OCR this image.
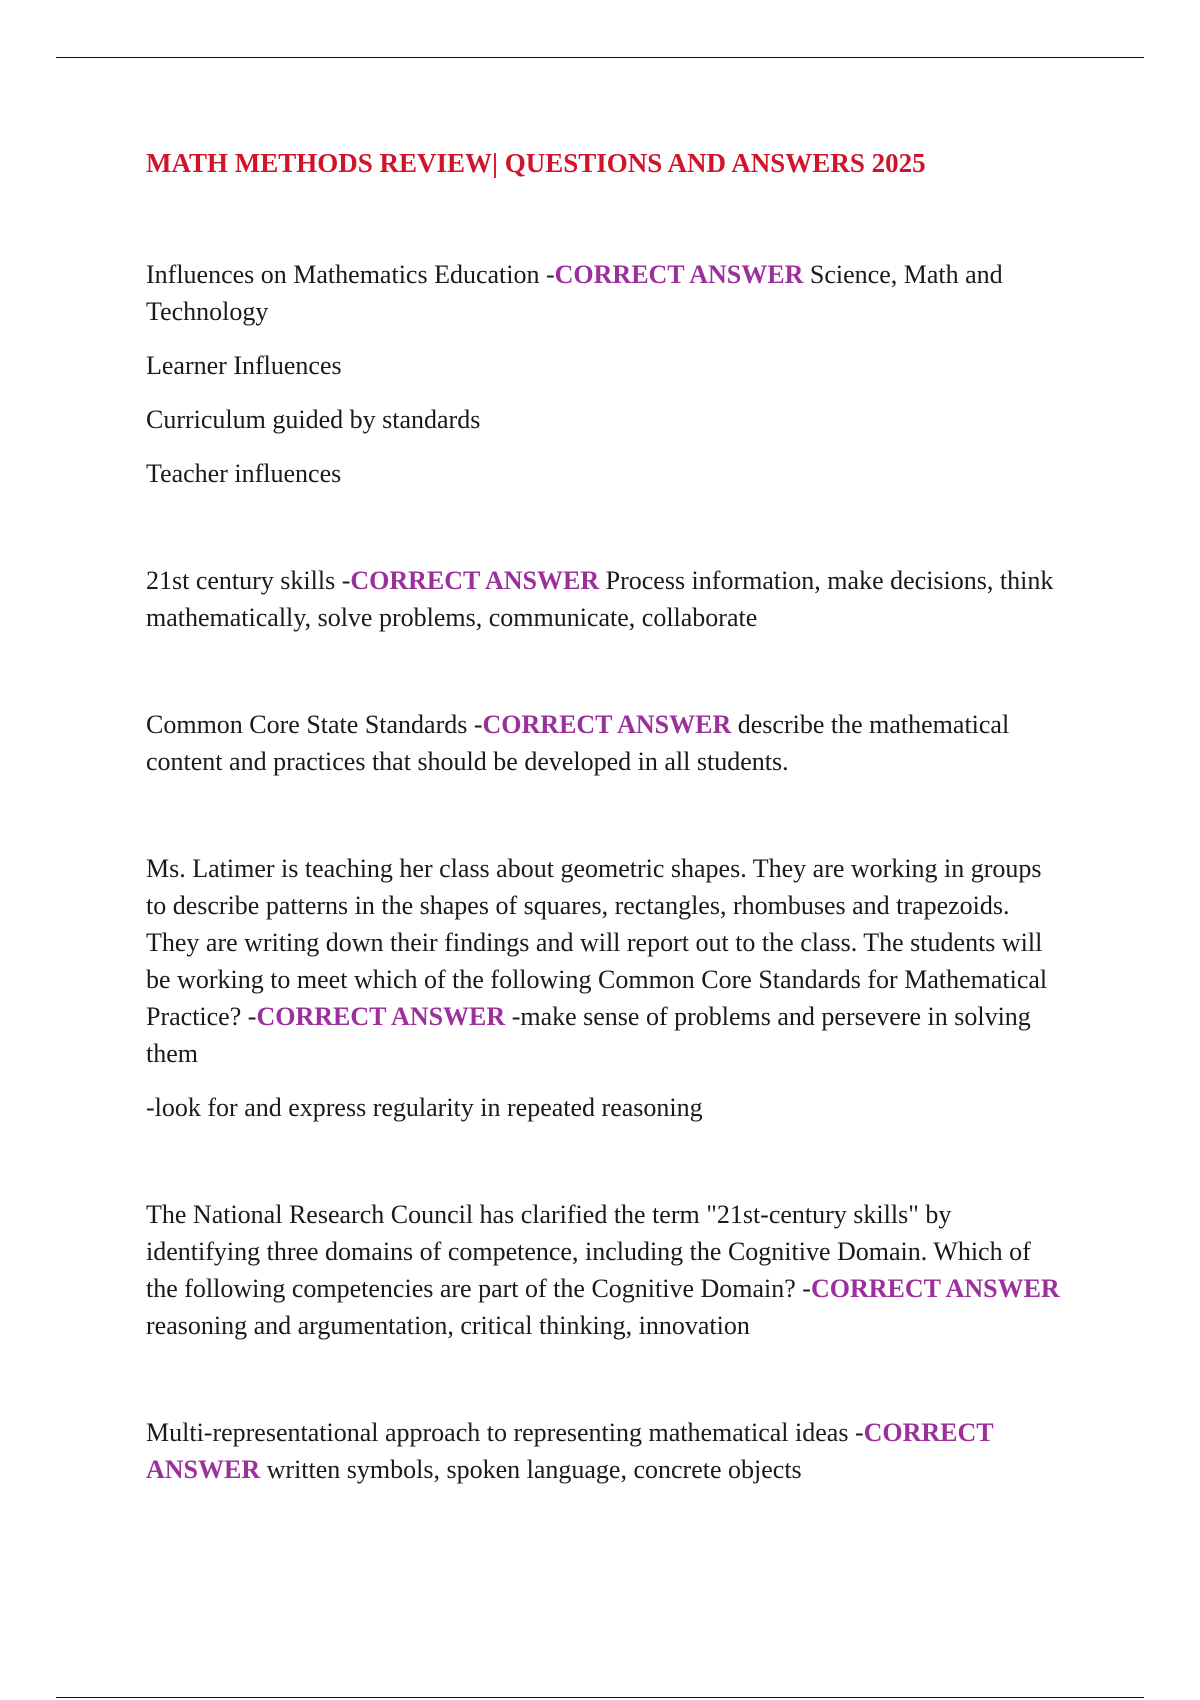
MATH METHODS REVIEW| QUESTIONS AND ANSWERS 2025

Influences on Mathematics Education -CORRECT ANSWER Science, Math and Technology

Learner Influences

Curriculum guided by standards

Teacher influences

21st century skills -CORRECT ANSWER Process information, make decisions, think mathematically, solve problems, communicate, collaborate

Common Core State Standards -CORRECT ANSWER describe the mathematical content and practices that should be developed in all students.

Ms. Latimer is teaching her class about geometric shapes. They are working in groups to describe patterns in the shapes of squares, rectangles, rhombuses and trapezoids. They are writing down their findings and will report out to the class. The students will be working to meet which of the following Common Core Standards for Mathematical Practice? -CORRECT ANSWER -make sense of problems and persevere in solving them

-look for and express regularity in repeated reasoning

The National Research Council has clarified the term "21st-century skills" by identifying three domains of competence, including the Cognitive Domain. Which of the following competencies are part of the Cognitive Domain? -CORRECT ANSWER reasoning and argumentation, critical thinking, innovation

Multi-representational approach to representing mathematical ideas -CORRECT ANSWER written symbols, spoken language, concrete objects
